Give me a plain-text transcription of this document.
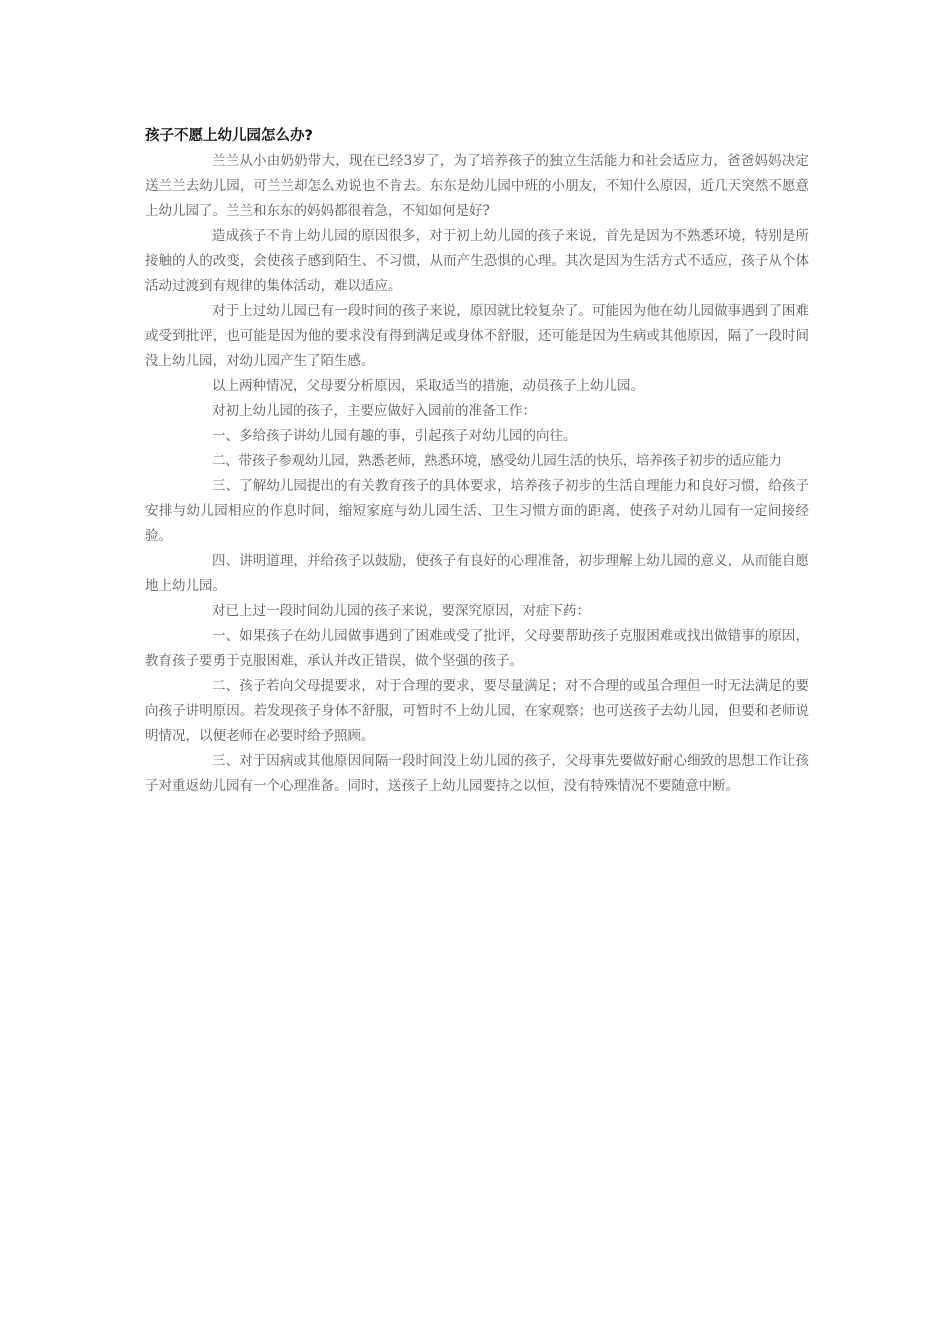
孩子不愿上幼儿园怎么办?

兰兰从小由奶奶带大，现在已经3岁了，为了培养孩子的独立生活能力和社会适应力，爸爸妈妈决定送兰兰去幼儿园，可兰兰却怎么劝说也不肯去。东东是幼儿园中班的小朋友，不知什么原因，近几天突然不愿意上幼儿园了。兰兰和东东的妈妈都很着急，不知如何是好?

造成孩子不肯上幼儿园的原因很多，对于初上幼儿园的孩子来说，首先是因为不熟悉环境，特别是所接触的人的改变，会使孩子感到陌生、不习惯，从而产生恐惧的心理。其次是因为生活方式不适应，孩子从个体活动过渡到有规律的集体活动，难以适应。

对于上过幼儿园已有一段时间的孩子来说，原因就比较复杂了。可能因为他在幼儿园做事遇到了困难或受到批评，也可能是因为他的要求没有得到满足或身体不舒服，还可能是因为生病或其他原因，隔了一段时间没上幼儿园，对幼儿园产生了陌生感。

以上两种情况，父母要分析原因，采取适当的措施，动员孩子上幼儿园。

对初上幼儿园的孩子，主要应做好入园前的准备工作：

一、多给孩子讲幼儿园有趣的事，引起孩子对幼儿园的向往。

二、带孩子参观幼儿园，熟悉老师，熟悉环境，感受幼儿园生活的快乐，培养孩子初步的适应能力

三、了解幼儿园提出的有关教育孩子的具体要求，培养孩子初步的生活自理能力和良好习惯，给孩子安排与幼儿园相应的作息时间，缩短家庭与幼儿园生活、卫生习惯方面的距离，使孩子对幼儿园有一定间接经验。

四、讲明道理，并给孩子以鼓励，使孩子有良好的心理准备，初步理解上幼儿园的意义，从而能自愿地上幼儿园。

对已上过一段时间幼儿园的孩子来说，要深究原因，对症下药：

一、如果孩子在幼儿园做事遇到了困难或受了批评，父母要帮助孩子克服困难或找出做错事的原因，教育孩子要勇于克服困难，承认并改正错误，做个坚强的孩子。

二、孩子若向父母提要求，对于合理的要求，要尽量满足；对不合理的或虽合理但一时无法满足的要向孩子讲明原因。若发现孩子身体不舒服，可暂时不上幼儿园，在家观察；也可送孩子去幼儿园，但要和老师说明情况，以便老师在必要时给予照顾。

三、对于因病或其他原因间隔一段时间没上幼儿园的孩子，父母事先要做好耐心细致的思想工作让孩子对重返幼儿园有一个心理准备。同时，送孩子上幼儿园要持之以恒，没有特殊情况不要随意中断。
